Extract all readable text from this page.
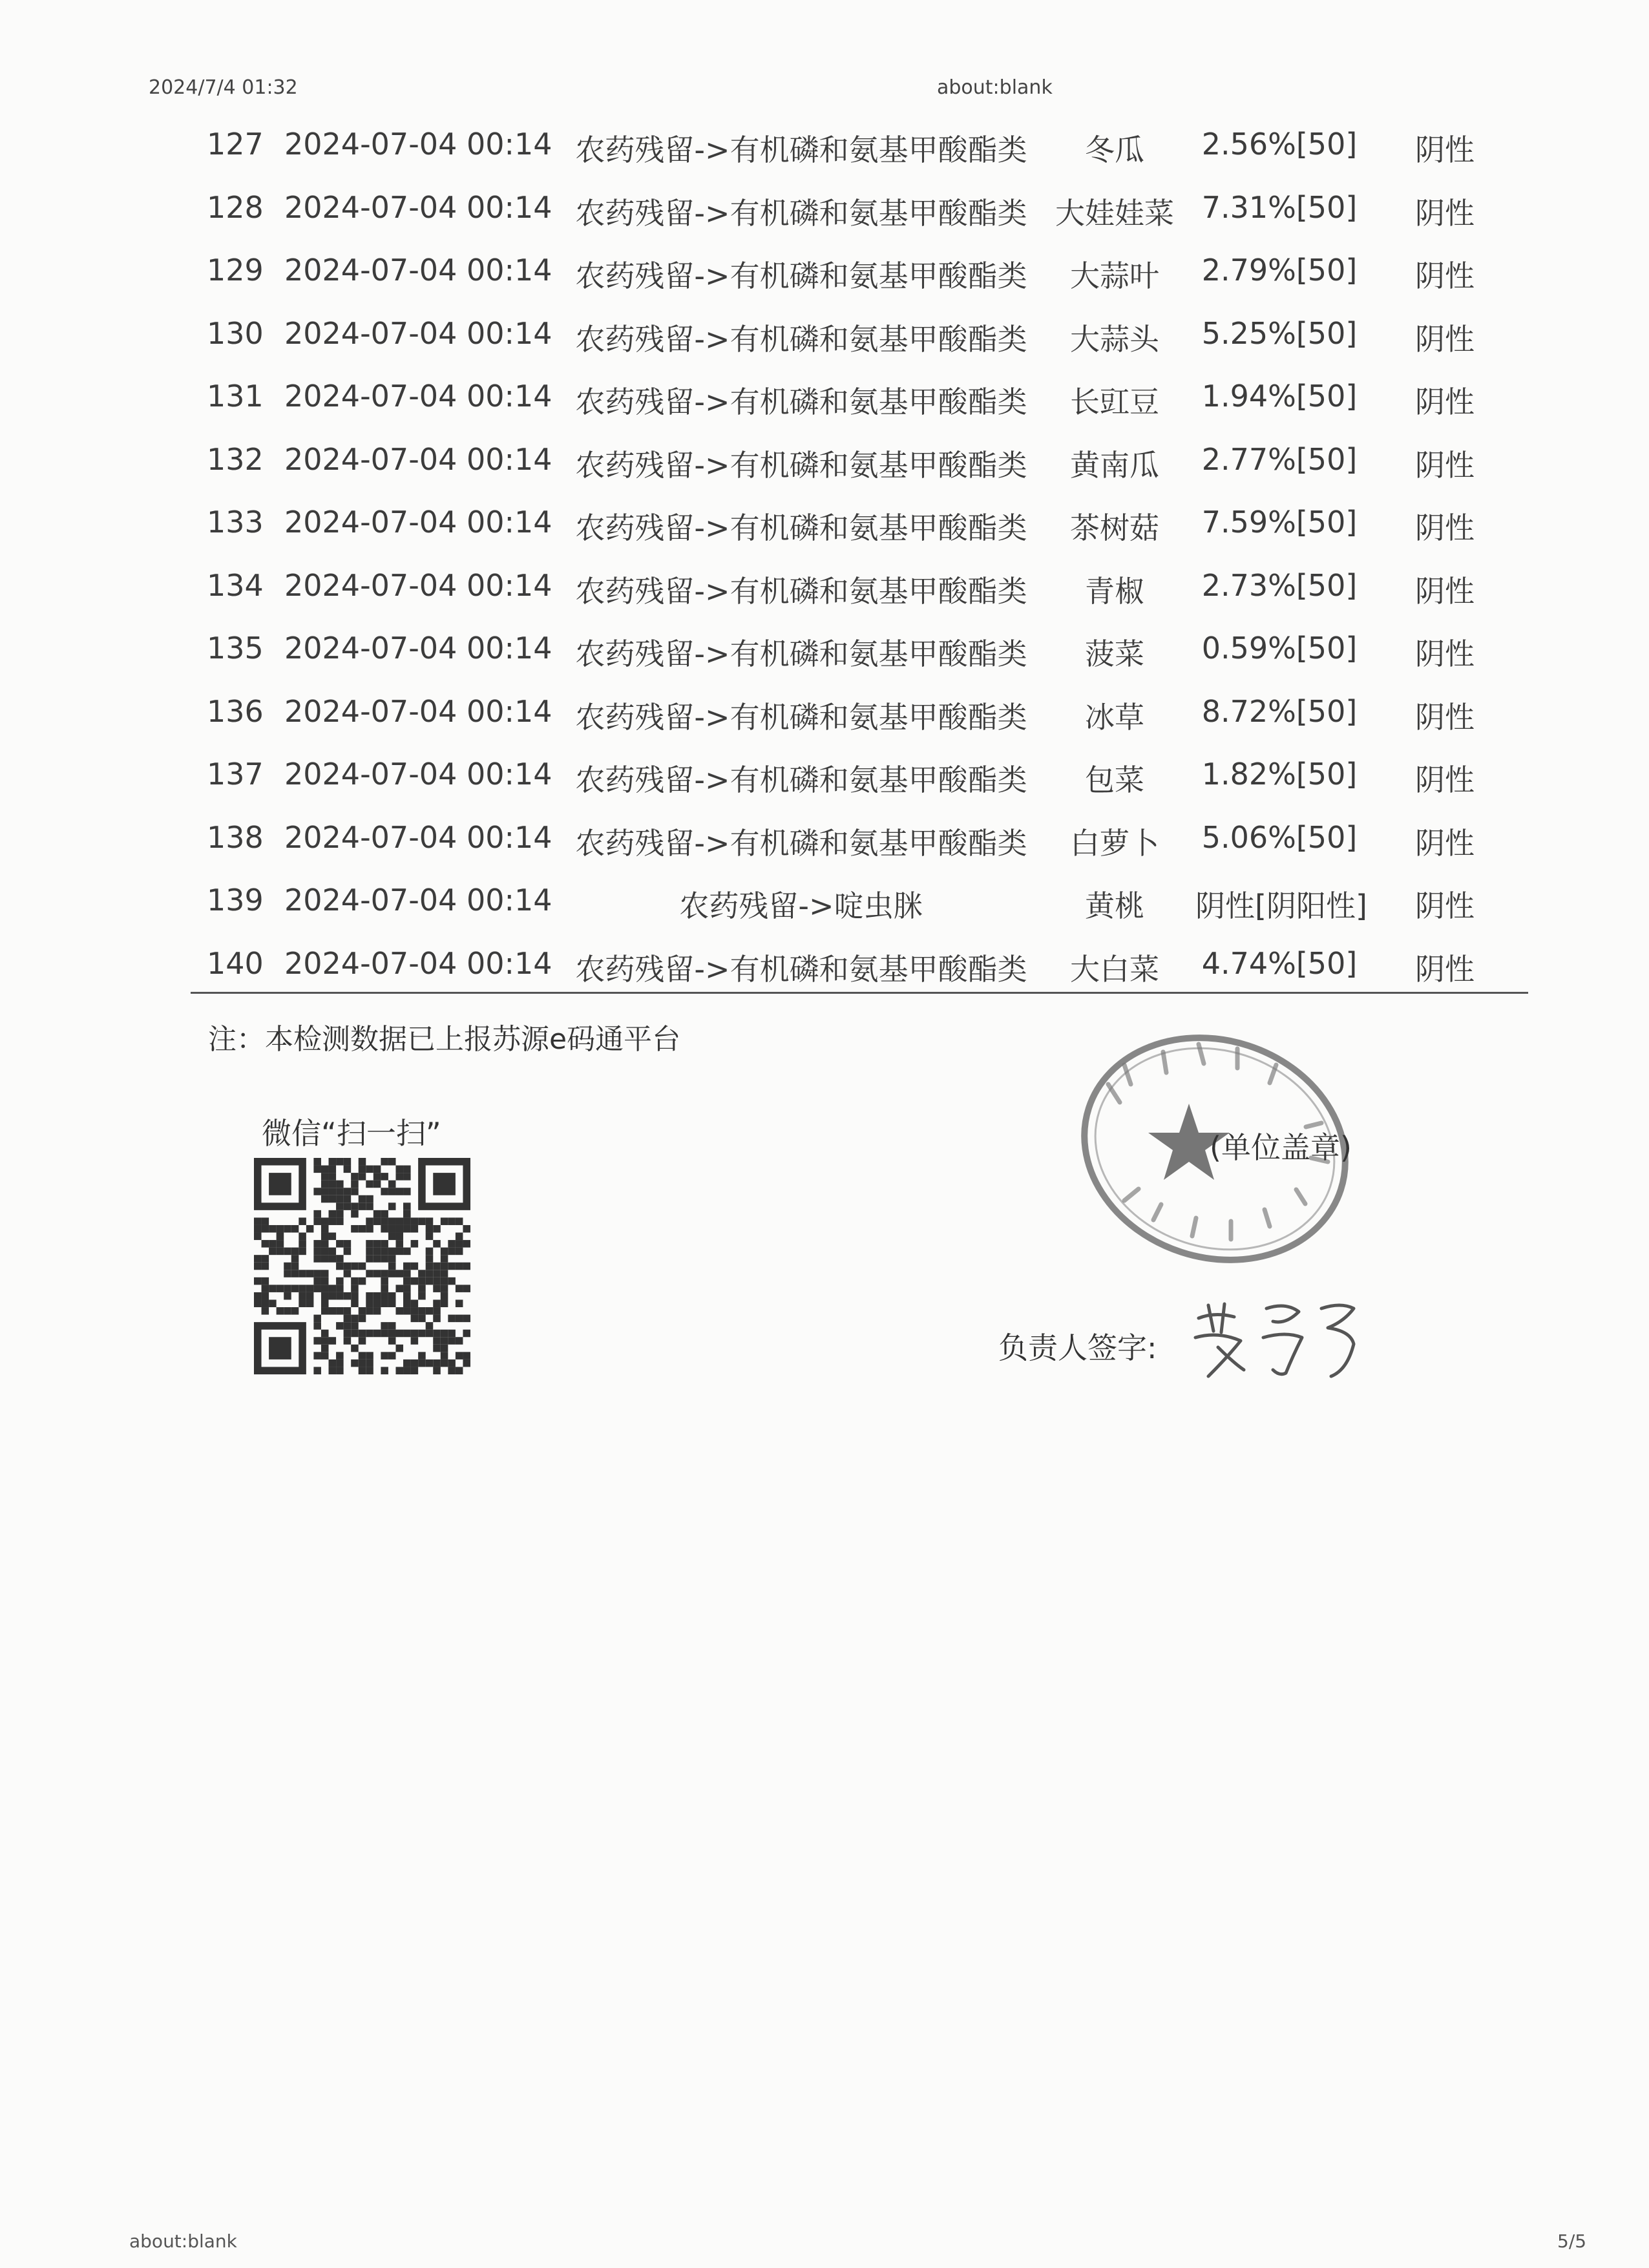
2024/7/4 01:32	about:blank
127 2024-07-04 00:14 农药残留->有机磷和氨基甲酸酯类	冬瓜	2.56%[50] 阴性
128 2024-07-04 00:14 农药残留->有机磷和氨基甲酸酯类 大娃娃菜 7.31%[50] 阴性
129 2024-07-04 00:14 农药残留->有机磷和氨基甲酸酯类	大蒜叶	2.79%[50] 阴性
130 2024-07-04 00:14 农药残留->有机磷和氨基甲酸酯类	大蒜头	5.25%[50] 阴性
131 2024-07-04 00:14 农药残留->有机磷和氨基甲酸酯类	长豇豆	1.94%[50] 阴性
132 2024-07-04 00:14 农药残留->有机磷和氨基甲酸酯类	黄南瓜	2.77%[50] 阴性
133 2024-07-04 00:14 农药残留->有机磷和氨基甲酸酯类	茶树菇	7.59%[50] 阴性
134 2024-07-04 00:14 农药残留->有机磷和氨基甲酸酯类	青椒	2.73%[50] 阴性
135 2024-07-04 00:14 农药残留->有机磷和氨基甲酸酯类	菠菜	0.59%[50] 阴性
136 2024-07-04 00:14 农药残留->有机磷和氨基甲酸酯类	冰草	8.72%[50] 阴性
137 2024-07-04 00:14 农药残留->有机磷和氨基甲酸酯类	包菜	1.82%[50] 阴性
138 2024-07-04 00:14 农药残留->有机磷和氨基甲酸酯类	白萝卜	5.06%[50] 阴性
139 2024-07-04 00:14	农药残留->啶虫脒	黄桃	阴性[阴阳性] 阴性
140 2024-07-04 00:14 农药残留->有机磷和氨基甲酸酯类	大白菜	4.74%[50] 阴性
注：本检测数据已上报苏源e码通平台
微信“扫一扫”	(单位盖章)
负责人签字:
about:blank	5/5
